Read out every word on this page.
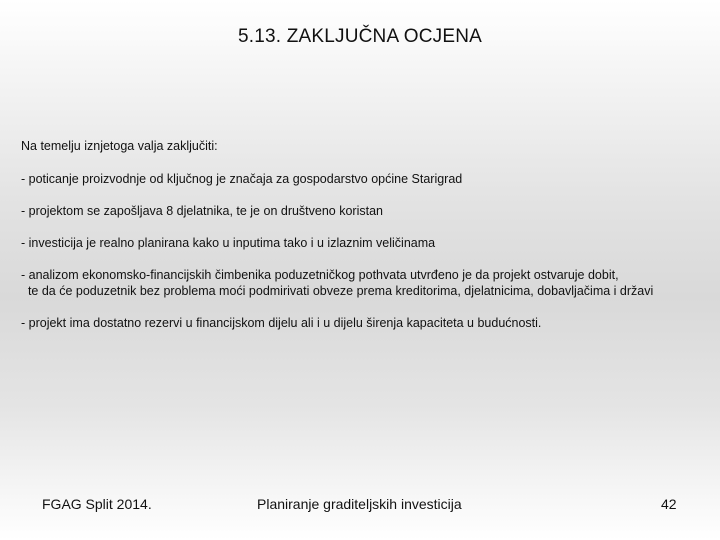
5.13. ZAKLJUČNA OCJENA

Na temelju iznjetoga valja zaključiti:

- poticanje proizvodnje od ključnog je značaja za gospodarstvo općine Starigrad

- projektom se zapošljava 8 djelatnika, te je on društveno koristan

- investicija je realno planirana kako u inputima tako i u izlaznim veličinama

- analizom ekonomsko-financijskih čimbenika poduzetničkog pothvata utvrđeno je da projekt ostvaruje dobit,
te da će poduzetnik bez problema moći podmirivati obveze prema kreditorima, djelatnicima, dobavljačima i državi

- projekt ima dostatno rezervi u financijskom dijelu ali i u dijelu širenja kapaciteta u budućnosti.

FGAG Split 2014.	Planiranje graditeljskih investicija	42
